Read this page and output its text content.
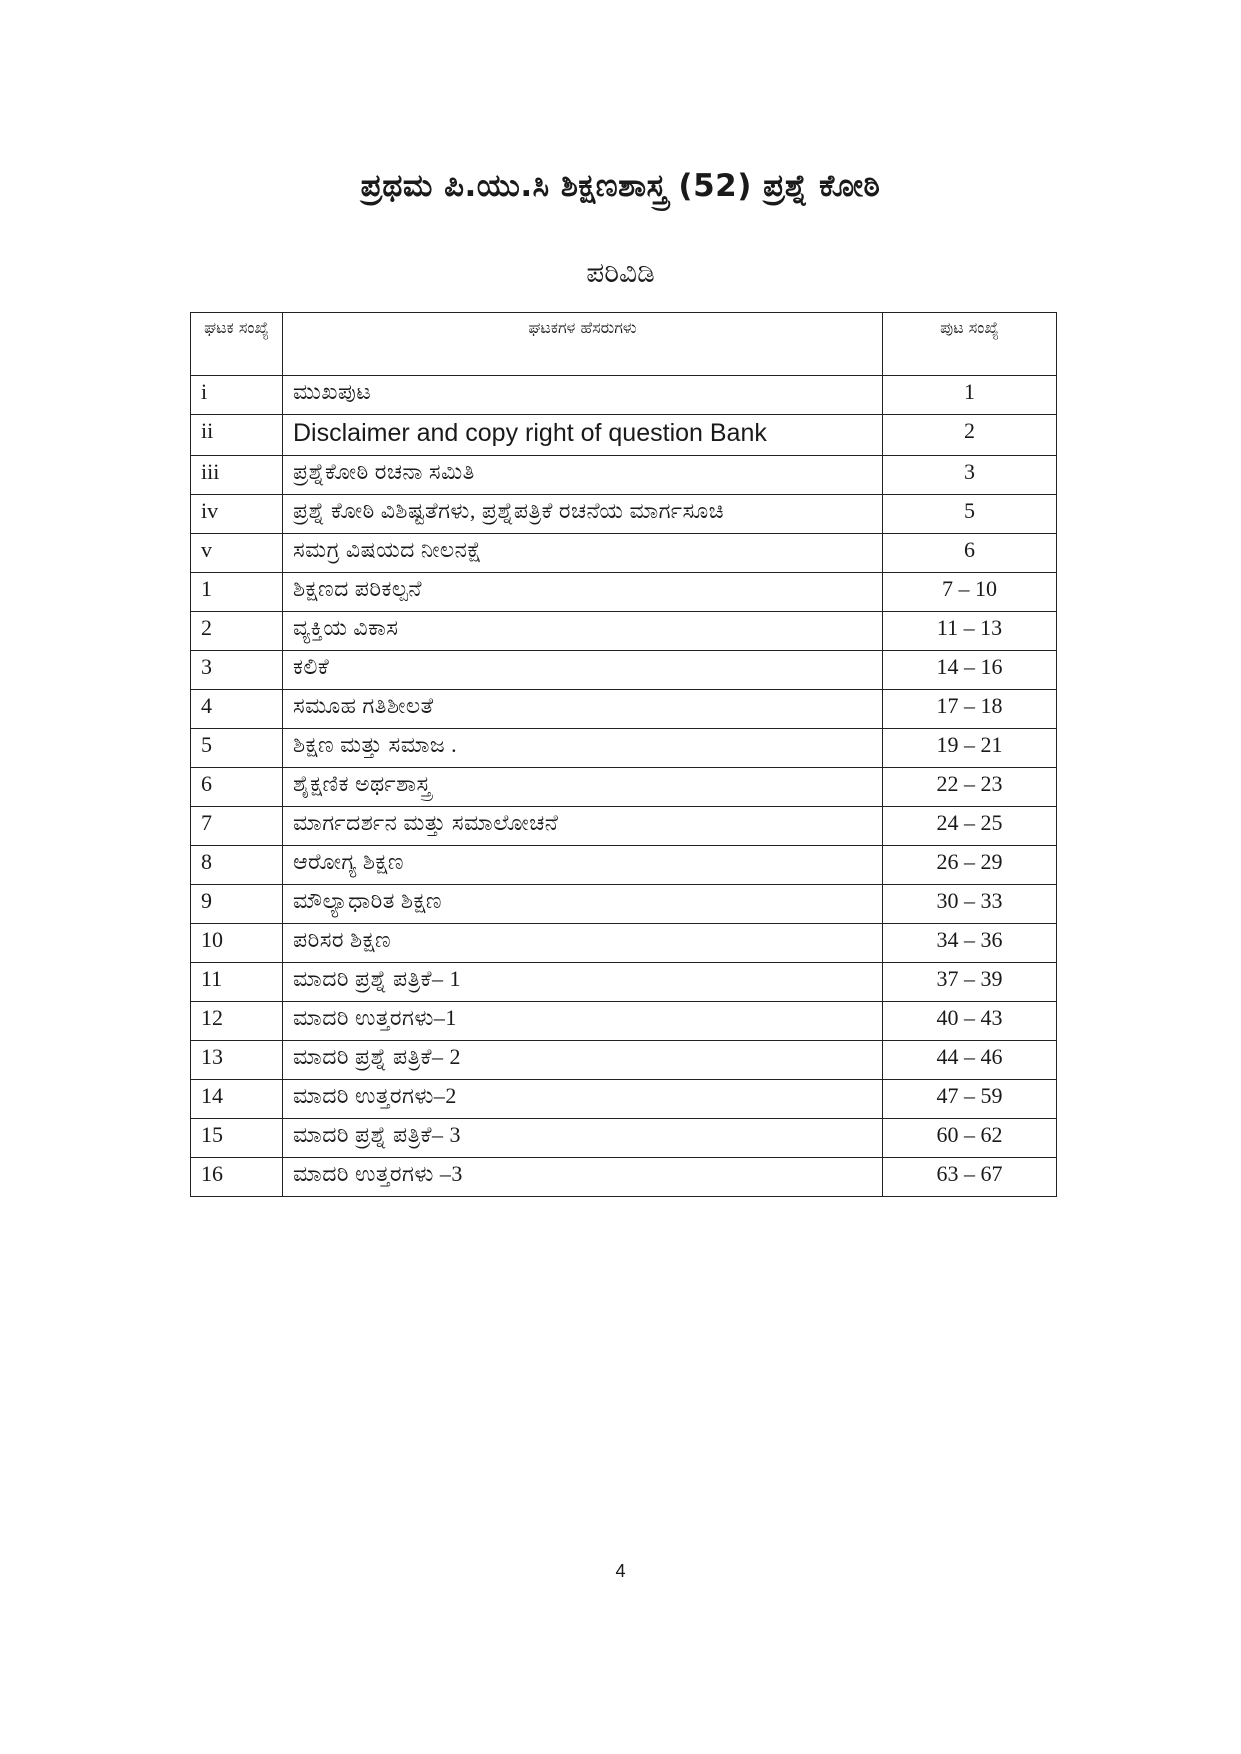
ಪ್ರಥಮ ಪಿ.ಯು.ಸಿ ಶಿಕ್ಷಣಶಾಸ್ತ್ರ (52) ಪ್ರಶ್ನೆ ಕೋಠಿ
ಪರಿವಿಡಿ
ಘಟಕ ಸಂಖ್ಯೆ	ಘಟಕಗಳ ಹೆಸರುಗಳು	ಪುಟ ಸಂಖ್ಯೆ
i	ಮುಖಪುಟ	1
ii	Disclaimer and copy right of question Bank	2
iii	ಪ್ರಶ್ನೆಕೋಠಿ ರಚನಾ ಸಮಿತಿ	3
iv	ಪ್ರಶ್ನೆ ಕೋಠಿ ವಿಶಿಷ್ಟತೆಗಳು, ಪ್ರಶ್ನೆಪತ್ರಿಕೆ ರಚನೆಯ ಮಾರ್ಗಸೂಚಿ	5
v	ಸಮಗ್ರ ವಿಷಯದ ನೀಲನಕ್ಷೆ	6
1	ಶಿಕ್ಷಣದ ಪರಿಕಲ್ಪನೆ	7 – 10
2	ವ್ಯಕ್ತಿಯ ವಿಕಾಸ	11 – 13
3	ಕಲಿಕೆ	14 – 16
4	ಸಮೂಹ ಗತಿಶೀಲತೆ	17 – 18
5	ಶಿಕ್ಷಣ ಮತ್ತು ಸಮಾಜ .	19 – 21
6	ಶೈಕ್ಷಣಿಕ ಅರ್ಥಶಾಸ್ತ್ರ	22 – 23
7	ಮಾರ್ಗದರ್ಶನ ಮತ್ತು ಸಮಾಲೋಚನೆ	24 – 25
8	ಆರೋಗ್ಯ ಶಿಕ್ಷಣ	26 – 29
9	ಮೌಲ್ಯಾಧಾರಿತ ಶಿಕ್ಷಣ	30 – 33
10	ಪರಿಸರ ಶಿಕ್ಷಣ	34 – 36
11	ಮಾದರಿ ಪ್ರಶ್ನೆ ಪತ್ರಿಕೆ– 1	37 – 39
12	ಮಾದರಿ ಉತ್ತರಗಳು–1	40 – 43
13	ಮಾದರಿ ಪ್ರಶ್ನೆ ಪತ್ರಿಕೆ– 2	44 – 46
14	ಮಾದರಿ ಉತ್ತರಗಳು–2	47 – 59
15	ಮಾದರಿ ಪ್ರಶ್ನೆ ಪತ್ರಿಕೆ– 3	60 – 62
16	ಮಾದರಿ ಉತ್ತರಗಳು –3	63 – 67
4
